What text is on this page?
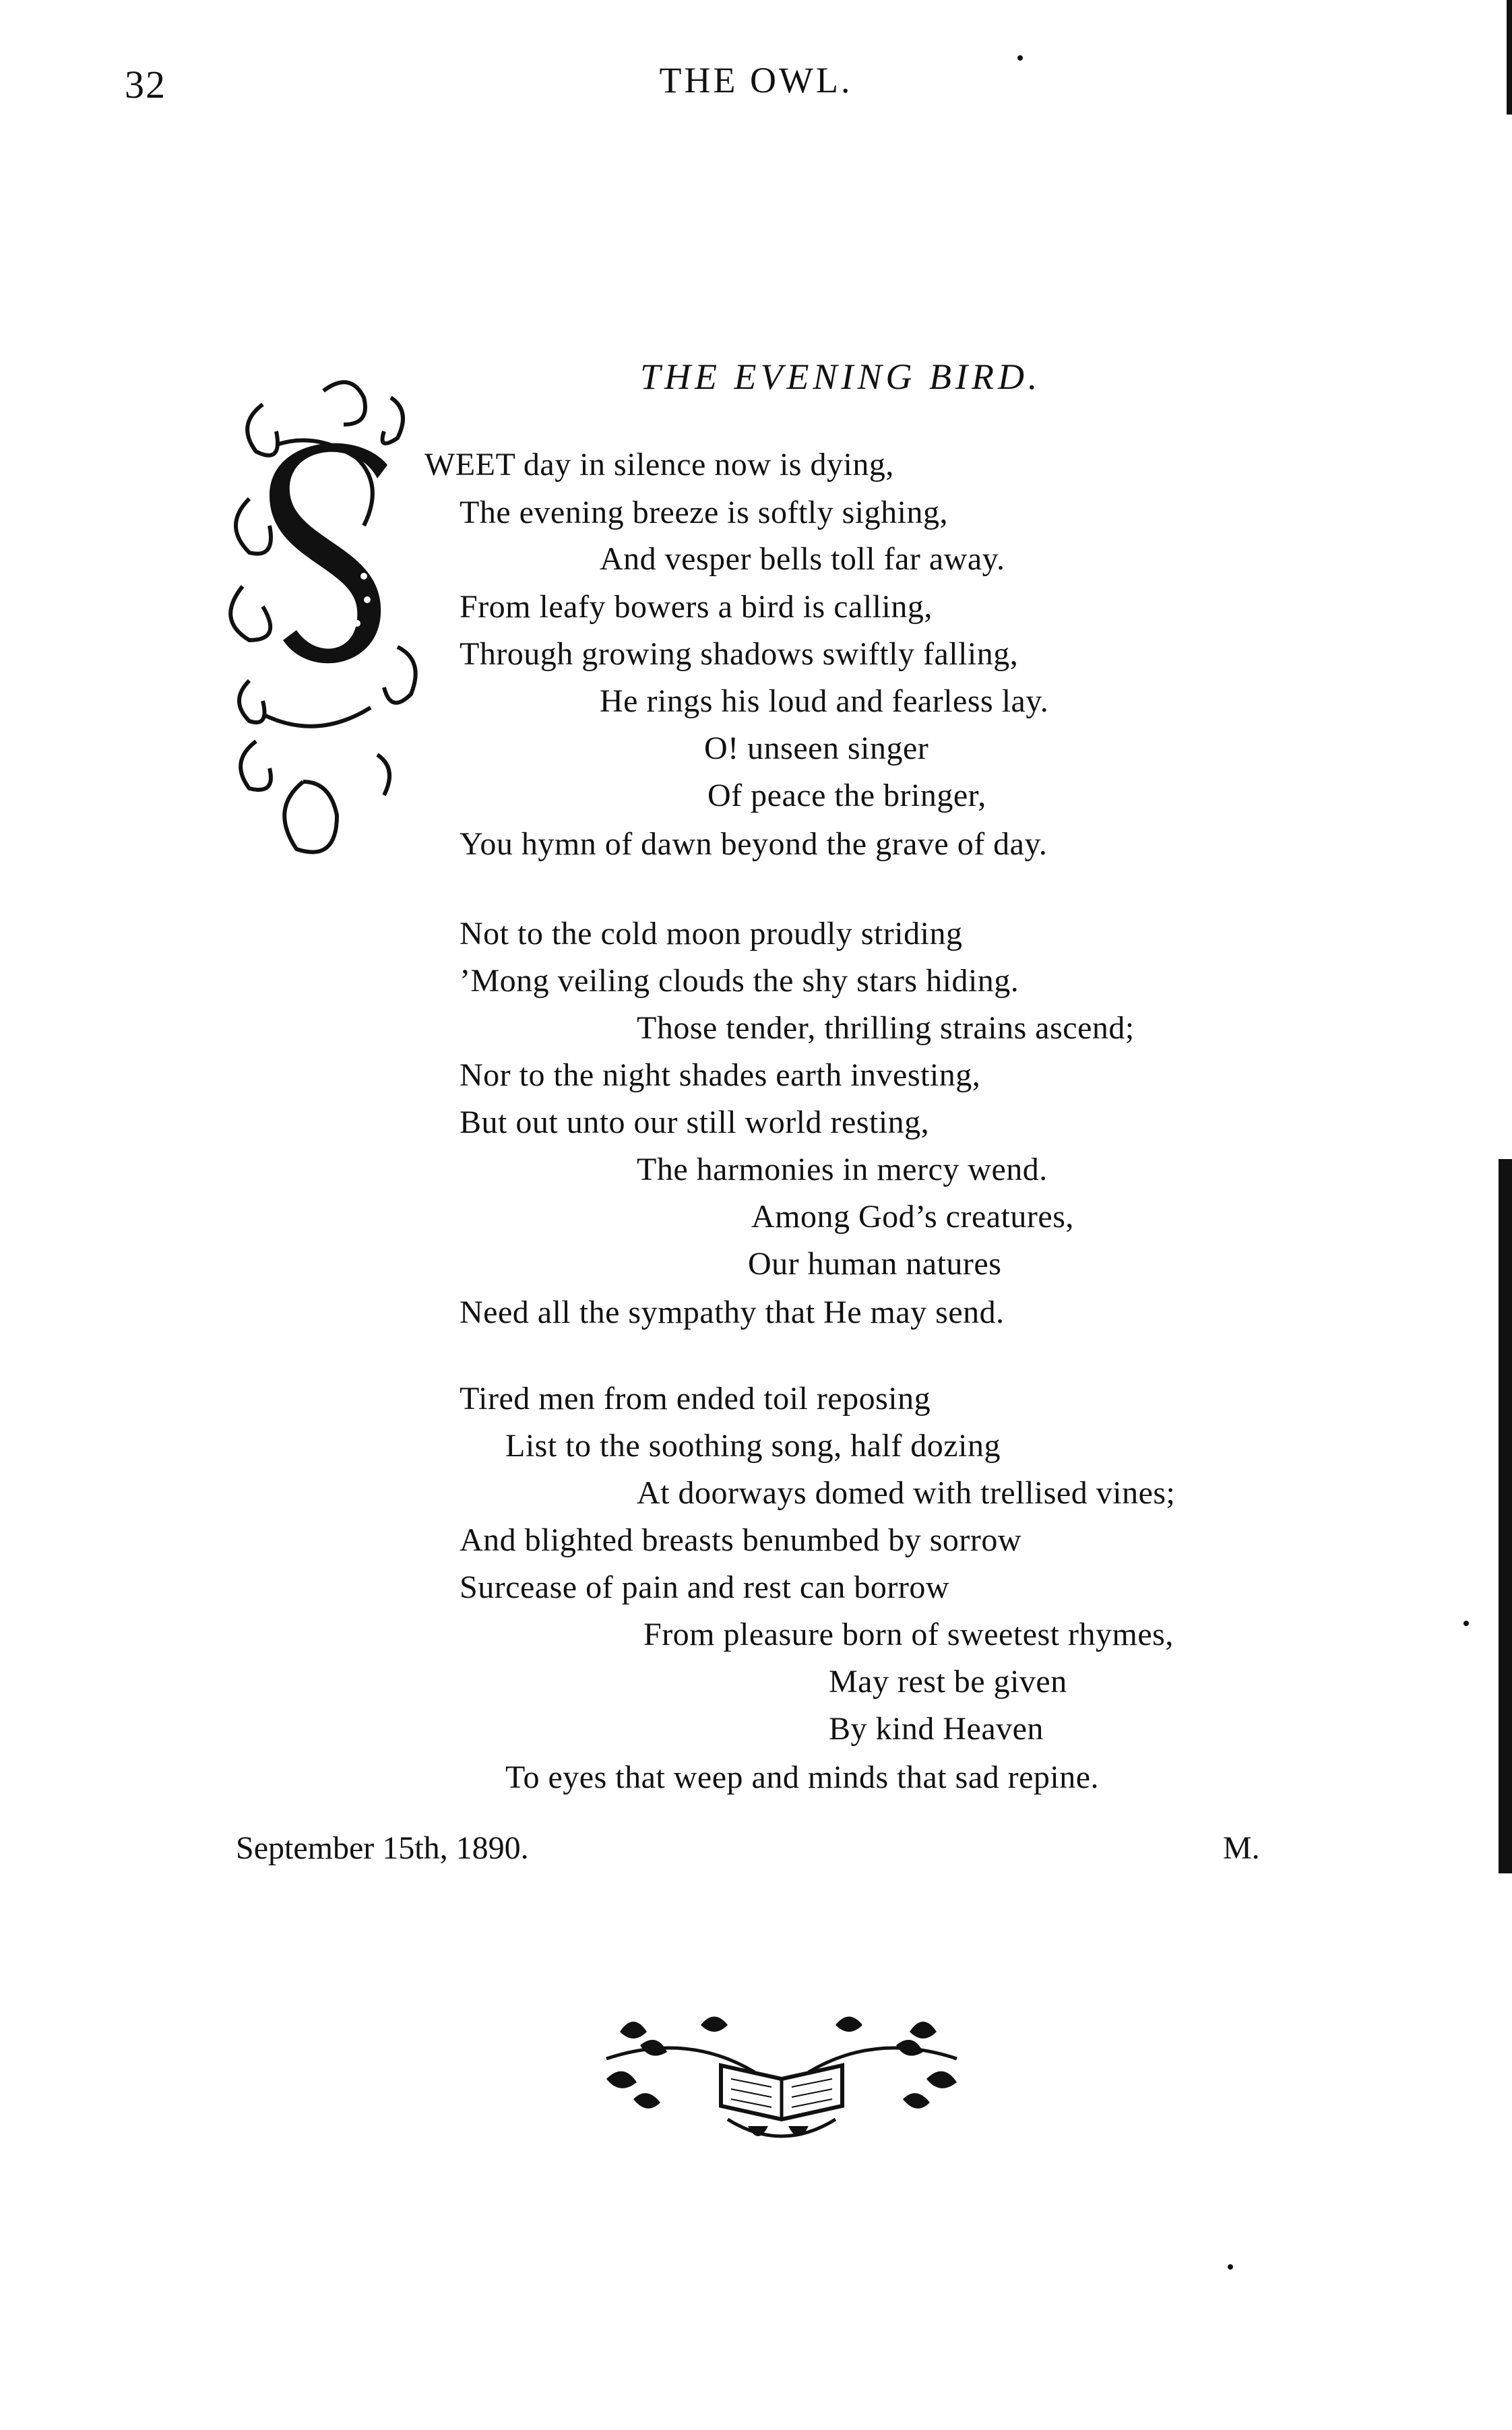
32	THE OWL.
THE EVENING BIRD.
WEET day in silence now is dying,
The evening breeze is softly sighing,
And vesper bells toll far away.
From leafy bowers a bird is calling,
Through growing shadows swiftly falling,
He rings his loud and fearless lay.
O! unseen singer
Of peace the bringer,
You hymn of dawn beyond the grave of day.
Not to the cold moon proudly striding
’Mong veiling clouds the shy stars hiding.
Those tender, thrilling strains ascend;
Nor to the night shades earth investing,
But out unto our still world resting,
The harmonies in mercy wend.
Among God’s creatures,
Our human natures
Need all the sympathy that He may send.
Tired men from ended toil reposing
List to the soothing song, half dozing
At doorways domed with trellised vines;
And blighted breasts benumbed by sorrow
Surcease of pain and rest can borrow
From pleasure born of sweetest rhymes,
May rest be given
By kind Heaven
To eyes that weep and minds that sad repine.
September 15th, 1890.	M.
